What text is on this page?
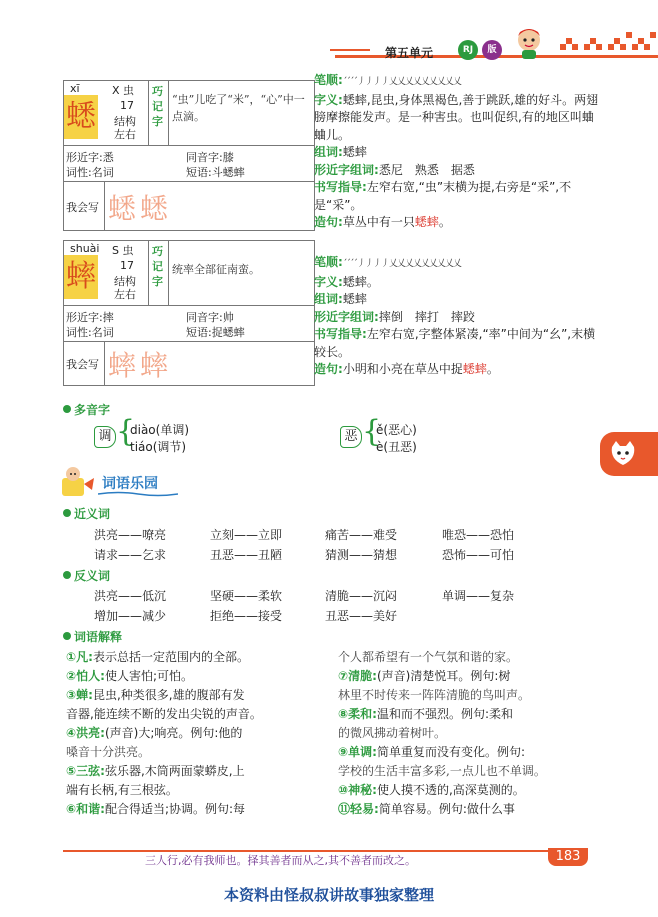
第五单元	RJ	版
xī	X 虫
蟋 17
结构
左右
巧记字
“虫”儿吃了“米”，“心”中一点滴。
形近字:悉	同音字:膝
词性:名词	短语:斗蟋蟀
我会写 蟋蟋
笔顺:ˊˊˊˊ丿丿丿丿乂乂乂乂乂乂乂乂乂
字义:蟋蟀,昆虫,身体黑褐色,善于跳跃,雄的好斗。两翅膀摩擦能发声。是一种害虫。也叫促织,有的地区叫蛐蛐儿。
组词:蟋蟀
形近字组词:悉尼　熟悉　据悉
书写指导:左窄右宽,“虫”末横为提,右旁是“采”,不是“采”。
造句:草丛中有一只蟋蟀。
shuài S 虫
蟀 17
结构
左右
巧记字
统率全部征南蛮。
形近字:摔	同音字:帅
词性:名词	短语:捉蟋蟀
我会写 蟀蟀
笔顺:ˊˊˊˊ丿丿丿丿乂乂乂乂乂乂乂乂乂
字义:蟋蟀。
组词:蟋蟀
形近字组词:摔倒　摔打　摔跤
书写指导:左窄右宽,字整体紧凑,“率”中间为“幺”,末横较长。
造句:小明和小亮在草丛中捉蟋蟀。
多音字
调 {
diào(单调)
tiáo(调节)
恶 {
ě(恶心)
è(丑恶)
词语乐园
近义词
洪亮——嘹亮	立刻——立即	痛苦——难受	唯恐——恐怕
请求——乞求	丑恶——丑陋	猜测——猜想	恐怖——可怕
反义词
洪亮——低沉	坚硬——柔软	清脆——沉闷	单调——复杂
增加——减少	拒绝——接受	丑恶——美好
词语解释
①凡:表示总括一定范围内的全部。
②怕人:使人害怕;可怕。
③蝉:昆虫,种类很多,雄的腹部有发
音器,能连续不断的发出尖锐的声音。
④洪亮:(声音)大;响亮。例句:他的
嗓音十分洪亮。
⑤三弦:弦乐器,木筒两面蒙蟒皮,上
端有长柄,有三根弦。
⑥和谐:配合得适当;协调。例句:每
个人都希望有一个气氛和谐的家。
⑦清脆:(声音)清楚悦耳。例句:树
林里不时传来一阵阵清脆的鸟叫声。
⑧柔和:温和而不强烈。例句:柔和
的微风拂动着树叶。
⑨单调:简单重复而没有变化。例句:
学校的生活丰富多彩,一点儿也不单调。
⑩神秘:使人摸不透的,高深莫测的。
⑪轻易:简单容易。例句:做什么事
三人行,必有我师也。择其善者而从之,其不善者而改之。	183
本资料由怪叔叔讲故事独家整理
